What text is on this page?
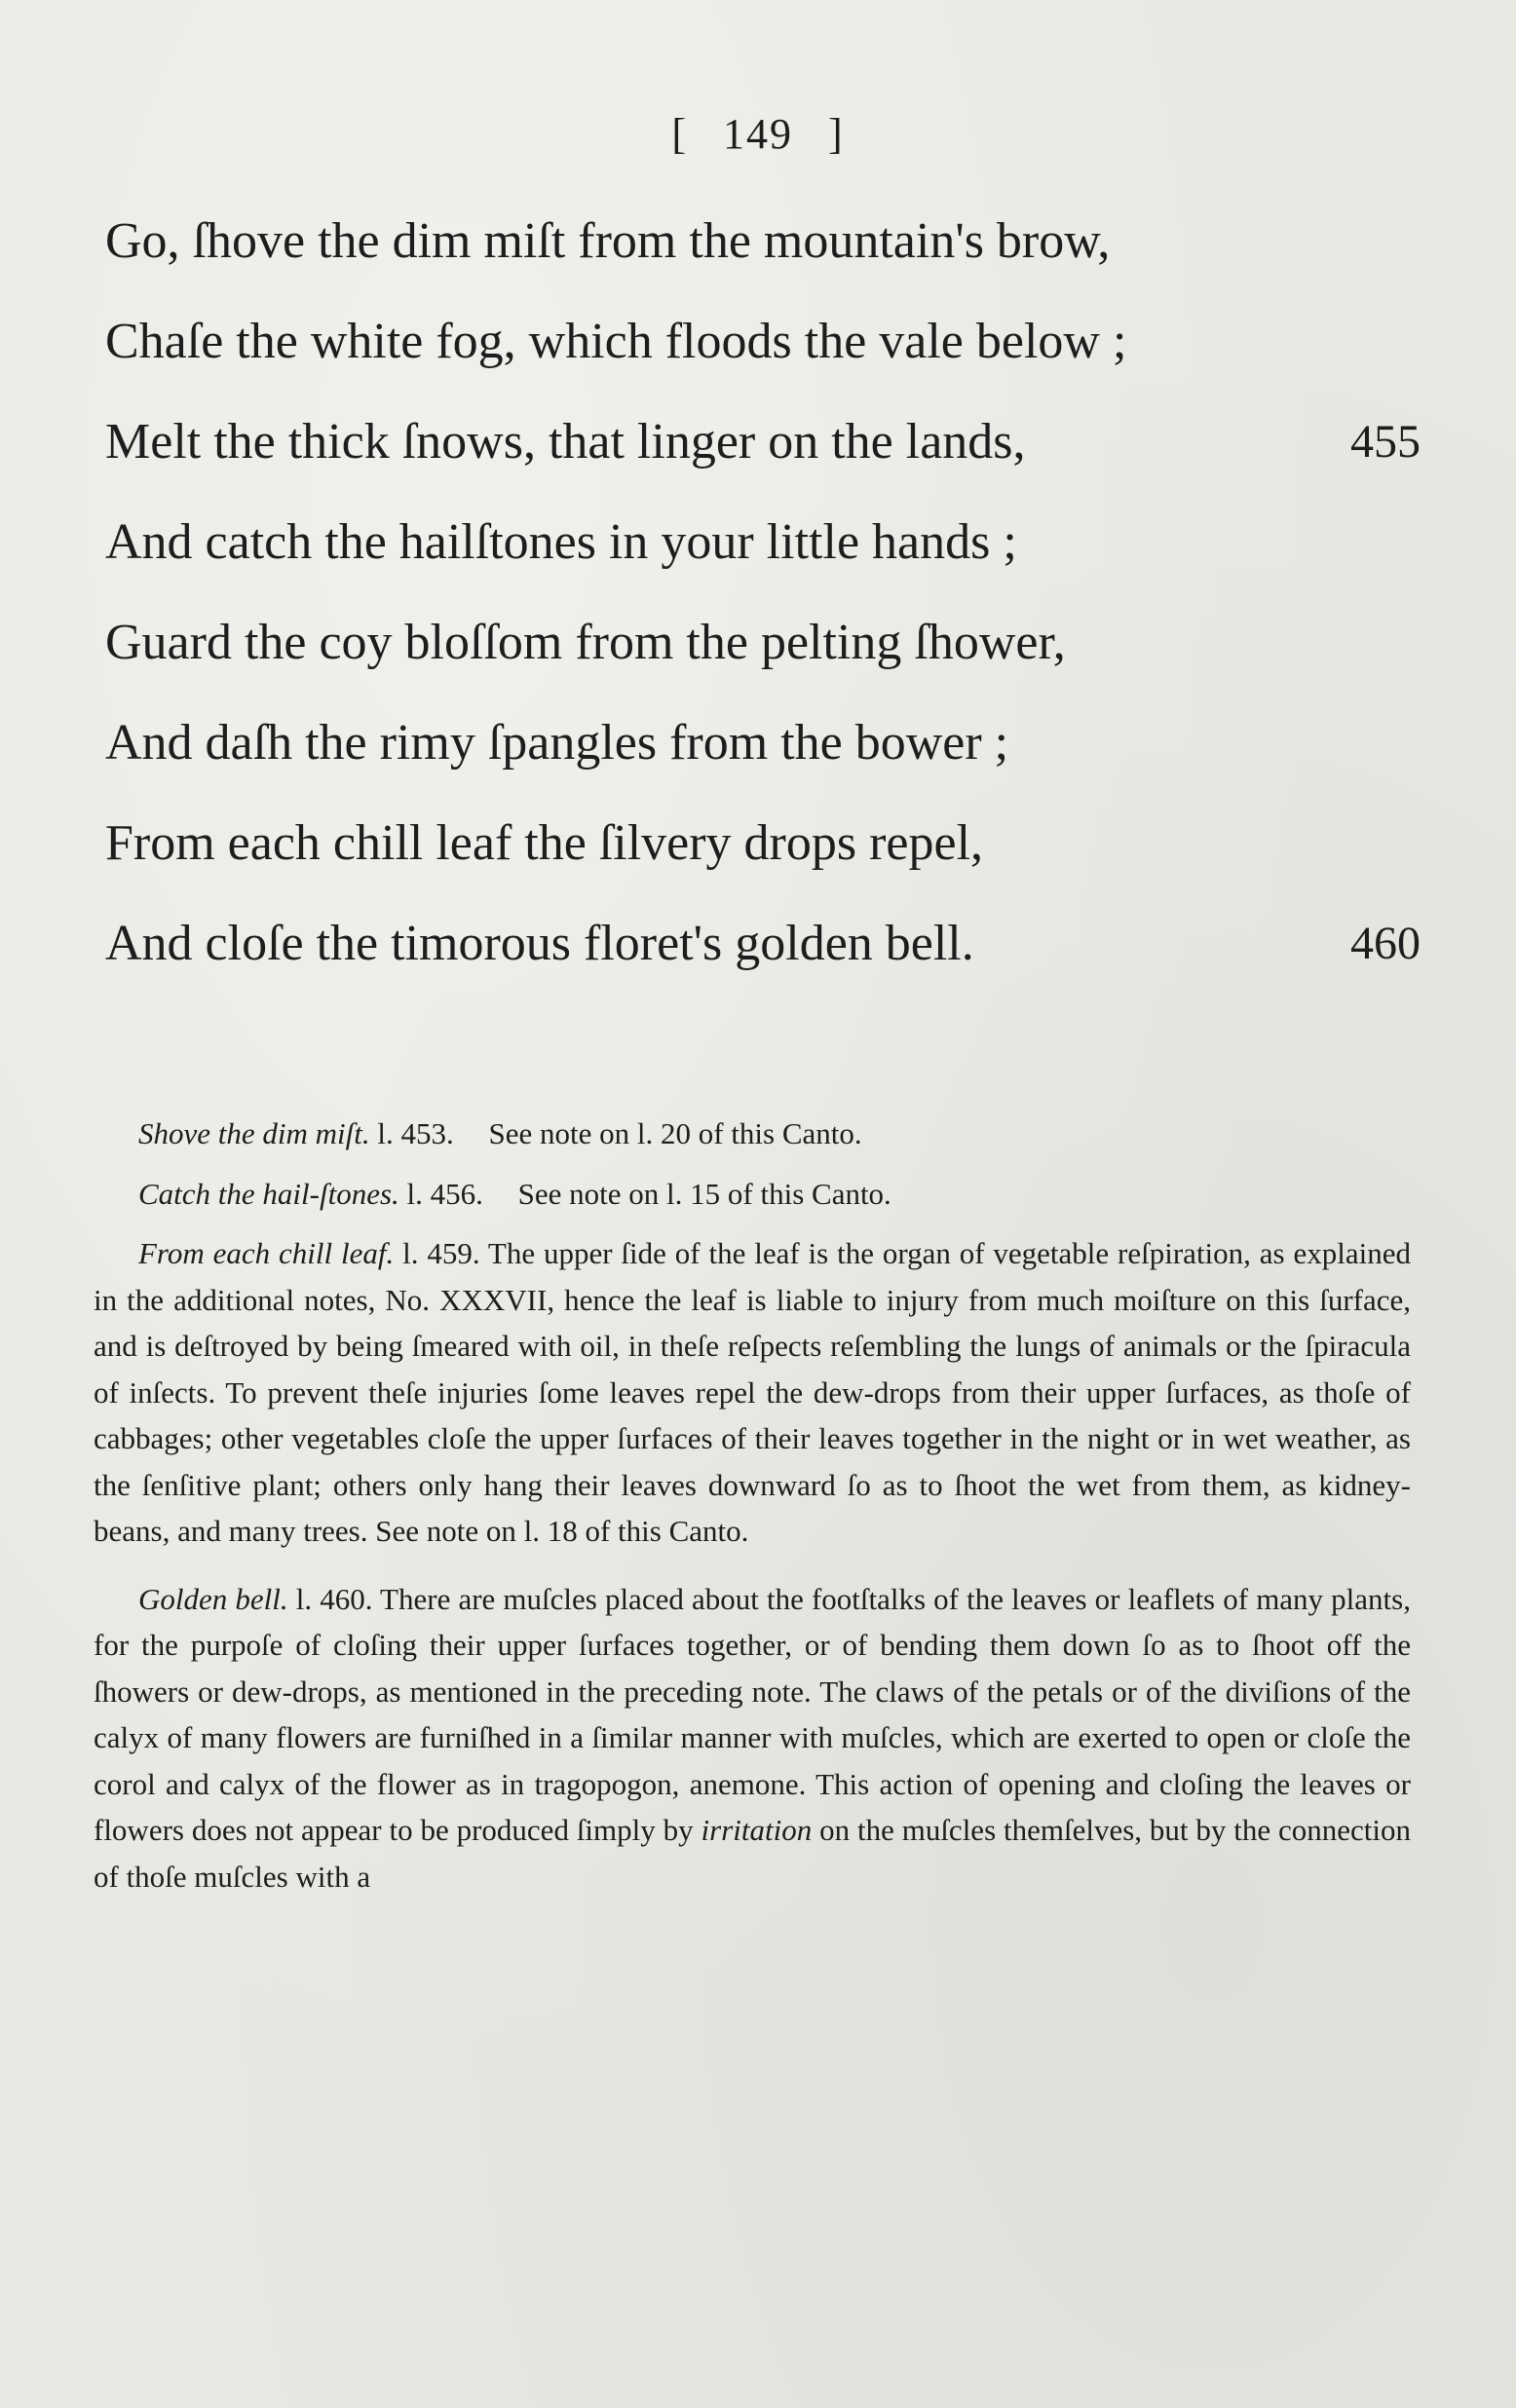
[ 149 ]
Go, ſhove the dim miſt from the mountain's brow,
Chaſe the white fog, which floods the vale below ;
Melt the thick ſnows, that linger on the lands,	455
And catch the hailſtones in your little hands ;
Guard the coy bloſſom from the pelting ſhower,
And daſh the rimy ſpangles from the bower ;
From each chill leaf the ſilvery drops repel,
And cloſe the timorous floret's golden bell.	460
Shove the dim miſt. l. 453. See note on l. 20 of this Canto.
Catch the hail-ſtones. l. 456. See note on l. 15 of this Canto.
From each chill leaf. l. 459. The upper ſide of the leaf is the organ of vegetable reſpiration, as explained in the additional notes, No. XXXVII, hence the leaf is liable to injury from much moiſture on this ſurface, and is deſtroyed by being ſmeared with oil, in theſe reſpects reſembling the lungs of animals or the ſpiracula of inſects. To prevent theſe injuries ſome leaves repel the dew-drops from their upper ſurfaces, as thoſe of cabbages; other vegetables cloſe the upper ſurfaces of their leaves together in the night or in wet weather, as the ſenſitive plant; others only hang their leaves downward ſo as to ſhoot the wet from them, as kidney-beans, and many trees. See note on l. 18 of this Canto.
Golden bell. l. 460. There are muſcles placed about the footſtalks of the leaves or leaflets of many plants, for the purpoſe of cloſing their upper ſurfaces together, or of bending them down ſo as to ſhoot off the ſhowers or dew-drops, as mentioned in the preceding note. The claws of the petals or of the diviſions of the calyx of many flowers are furniſhed in a ſimilar manner with muſcles, which are exerted to open or cloſe the corol and calyx of the flower as in tragopogon, anemone. This action of opening and cloſing the leaves or flowers does not appear to be produced ſimply by irritation on the muſcles themſelves, but by the connection of thoſe muſcles with a
